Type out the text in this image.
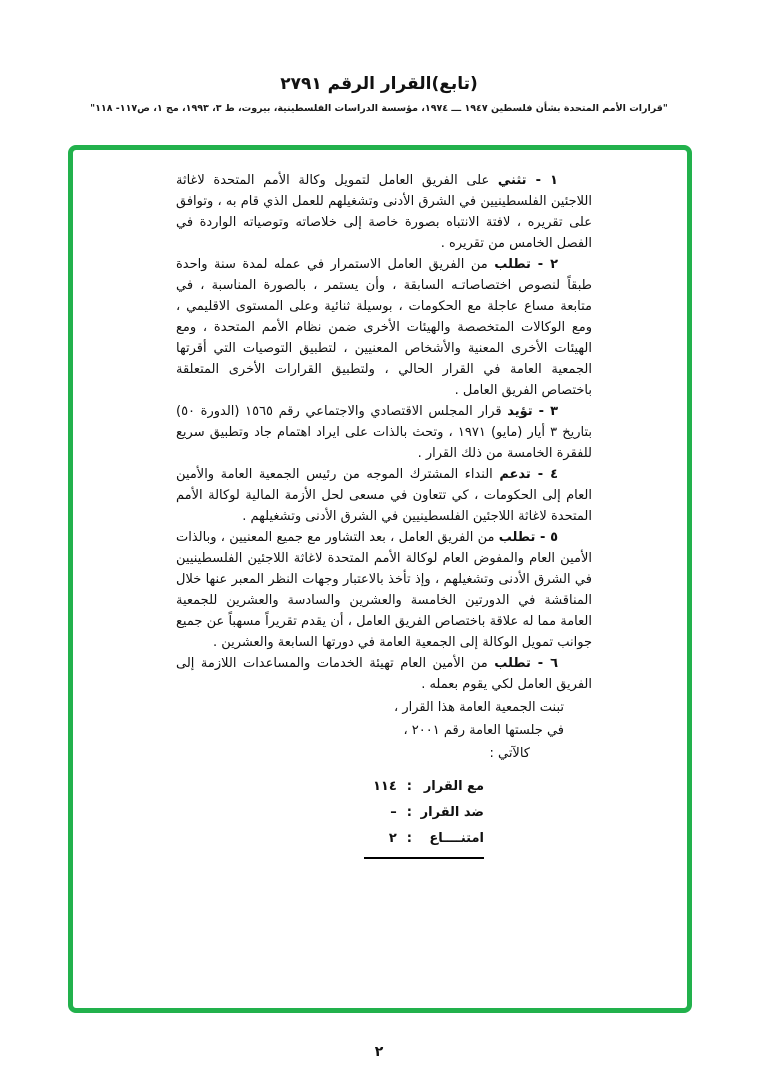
(تابع)القرار الرقم ٢٧٩١
"قرارات الأمم المتحدة بشأن فلسطين ١٩٤٧ ـــ ١٩٧٤، مؤسسة الدراسات الفلسطينية، بيروت، ط ٣، ١٩٩٣، مج ١، ص١١٧- ١١٨"

١ - تثني على الفريق العامل لتمويل وكالة الأمم المتحدة لاغاثة اللاجئين الفلسطينيين في الشرق الأدنى وتشغيلهم للعمل الذي قام به ، وتوافق على تقريره ، لافتة الانتباه بصورة خاصة إلى خلاصاته وتوصياته الواردة في الفصل الخامس من تقريره .

٢ - تطلب من الفريق العامل الاستمرار في عمله لمدة سنة واحدة طبقاً لنصوص اختصاصاتـه السابقة ، وأن يستمر ، بالصورة المناسبة ، في متابعة مساع عاجلة مع الحكومات ، بوسيلة ثنائية وعلى المستوى الاقليمي ، ومع الوكالات المتخصصة والهيئات الأخرى ضمن نظام الأمم المتحدة ، ومع الهيئات الأخرى المعنية والأشخاص المعنيين ، لتطبيق التوصيات التي أقرتها الجمعية العامة في القرار الحالي ، ولتطبيق القرارات الأخرى المتعلقة باختصاص الفريق العامل .

٣ - تؤيد قرار المجلس الاقتصادي والاجتماعي رقم ١٥٦٥ (الدورة ٥٠) بتاريخ ٣ أيار (مايو) ١٩٧١ ، وتحث بالذات على ايراد اهتمام جاد وتطبيق سريع للفقرة الخامسة من ذلك القرار .

٤ - تدعم النداء المشترك الموجه من رئيس الجمعية العامة والأمين العام إلى الحكومات ، كي تتعاون في مسعى لحل الأزمة المالية لوكالة الأمم المتحدة لاغاثة اللاجئين الفلسطينيين في الشرق الأدنى وتشغيلهم .

٥ - تطلب من الفريق العامل ، بعد التشاور مع جميع المعنيين ، وبالذات الأمين العام والمفوض العام لوكالة الأمم المتحدة لاغاثة اللاجئين الفلسطينيين في الشرق الأدنى وتشغيلهم ، وإذ تأخذ بالاعتبار وجهات النظر المعبر عنها خلال المناقشة في الدورتين الخامسة والعشرين والسادسة والعشرين للجمعية العامة مما له علاقة باختصاص الفريق العامل ، أن يقدم تقريراً مسهباً عن جميع جوانب تمويل الوكالة إلى الجمعية العامة في دورتها السابعة والعشرين .

٦ - تطلب من الأمين العام تهيئة الخدمات والمساعدات اللازمة إلى الفريق العامل لكي يقوم بعمله .

تبنت الجمعية العامة هذا القرار ،

في جلستها العامة رقم ٢٠٠١ ،

كالآتي :

مع القرار
:
١١٤
ضد القرار
:
–
امتنــــاع
:
٢
٢
